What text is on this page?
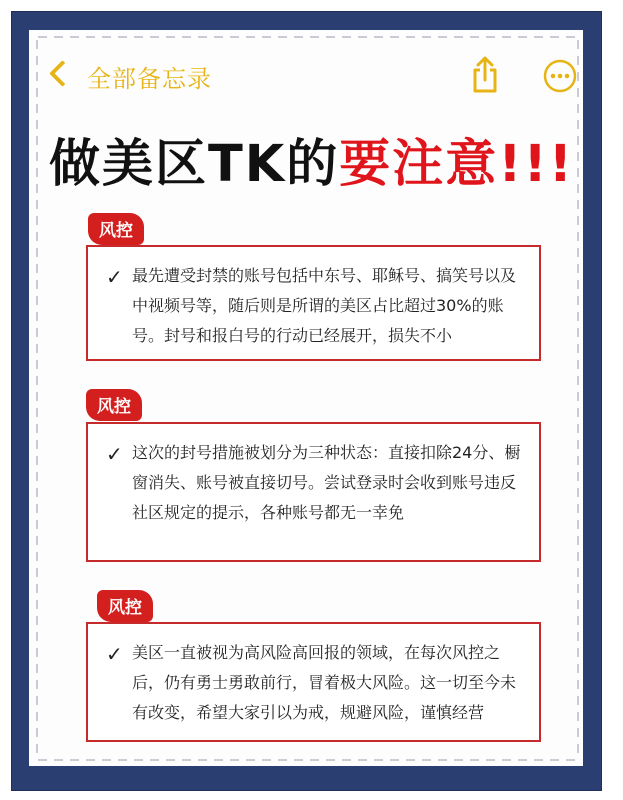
全部备忘录
做美区TK的要注意!!!
风控
✓ 最先遭受封禁的账号包括中东号、耶稣号、搞笑号以及中视频号等，随后则是所谓的美区占比超过30%的账号。封号和报白号的行动已经展开，损失不小
风控
✓ 这次的封号措施被划分为三种状态：直接扣除24分、橱窗消失、账号被直接切号。尝试登录时会收到账号违反社区规定的提示，各种账号都无一幸免
风控
✓ 美区一直被视为高风险高回报的领域，在每次风控之后，仍有勇士勇敢前行，冒着极大风险。这一切至今未有改变，希望大家引以为戒，规避风险，谨慎经营
